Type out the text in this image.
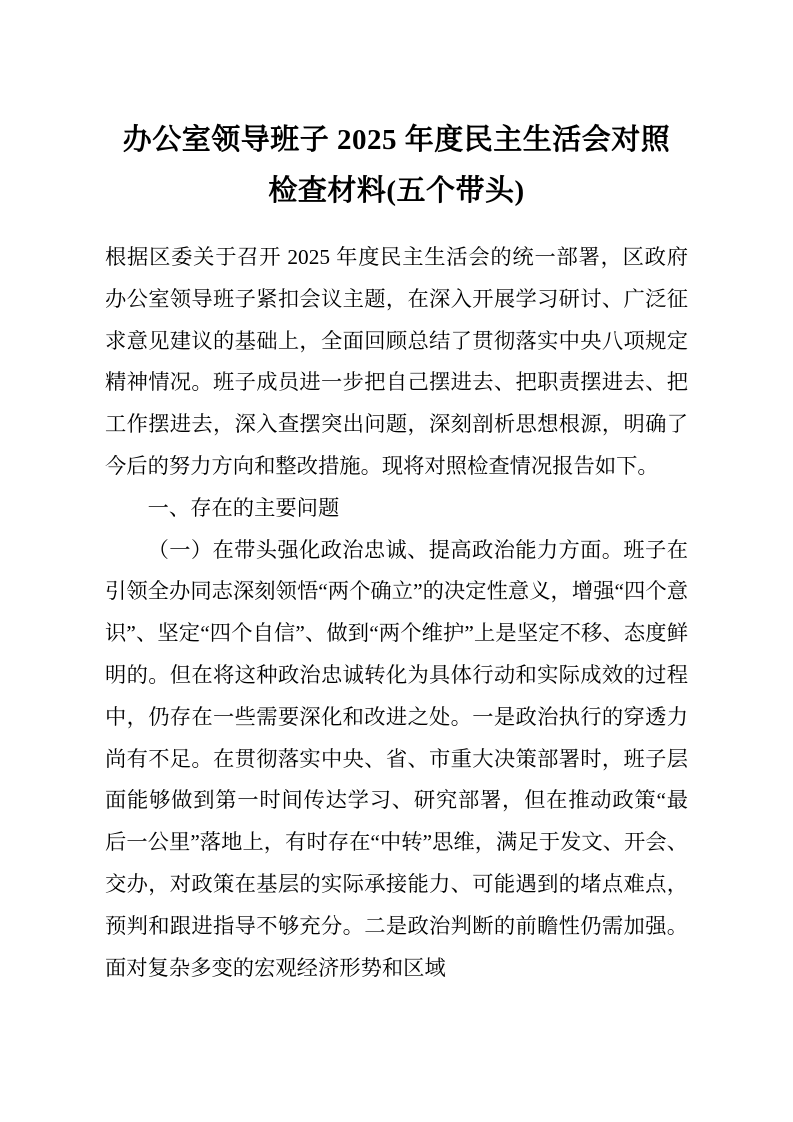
办公室领导班子 2025 年度民主生活会对照
检查材料(五个带头)

根据区委关于召开 2025 年度民主生活会的统一部署，区政府办公室领导班子紧扣会议主题，在深入开展学习研讨、广泛征求意见建议的基础上，全面回顾总结了贯彻落实中央八项规定精神情况。班子成员进一步把自己摆进去、把职责摆进去、把工作摆进去，深入查摆突出问题，深刻剖析思想根源，明确了今后的努力方向和整改措施。现将对照检查情况报告如下。

一、存在的主要问题

（一）在带头强化政治忠诚、提高政治能力方面。班子在引领全办同志深刻领悟“两个确立”的决定性意义，增强“四个意识”、坚定“四个自信”、做到“两个维护”上是坚定不移、态度鲜明的。但在将这种政治忠诚转化为具体行动和实际成效的过程中，仍存在一些需要深化和改进之处。一是政治执行的穿透力尚有不足。在贯彻落实中央、省、市重大决策部署时，班子层面能够做到第一时间传达学习、研究部署，但在推动政策“最后一公里”落地上，有时存在“中转”思维，满足于发文、开会、交办，对政策在基层的实际承接能力、可能遇到的堵点难点，预判和跟进指导不够充分。二是政治判断的前瞻性仍需加强。面对复杂多变的宏观经济形势和区域
